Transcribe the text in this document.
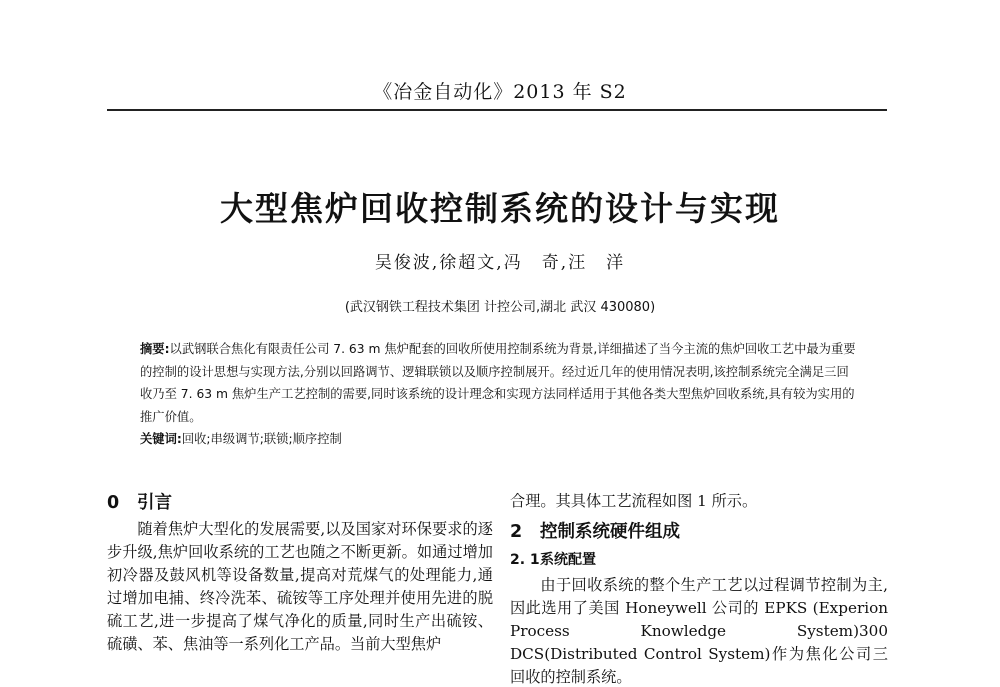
《冶金自动化》2013 年 S2
大型焦炉回收控制系统的设计与实现
吴俊波,徐超文,冯　奇,汪　洋
(武汉钢铁工程技术集团 计控公司,湖北 武汉 430080)

摘要:以武钢联合焦化有限责任公司 7. 63 m 焦炉配套的回收所使用控制系统为背景,详细描述了当今主流的焦炉回收工艺中最为重要的控制的设计思想与实现方法,分别以回路调节、逻辑联锁以及顺序控制展开。经过近几年的使用情况表明,该控制系统完全满足三回收乃至 7. 63 m 焦炉生产工艺控制的需要,同时该系统的设计理念和实现方法同样适用于其他各类大型焦炉回收系统,具有较为实用的推广价值。

关键词:回收;串级调节;联锁;顺序控制

0 引言

随着焦炉大型化的发展需要,以及国家对环保要求的逐步升级,焦炉回收系统的工艺也随之不断更新。如通过增加初冷器及鼓风机等设备数量,提高对荒煤气的处理能力,通过增加电捕、终冷洗苯、硫铵等工序处理并使用先进的脱硫工艺,进一步提高了煤气净化的质量,同时生产出硫铵、硫磺、苯、焦油等一系列化工产品。当前大型焦炉

合理。其具体工艺流程如图 1 所示。

2 控制系统硬件组成
2. 1系统配置

由于回收系统的整个生产工艺以过程调节控制为主,因此选用了美国 Honeywell 公司的 EPKS (Experion Process Knowledge System)300 DCS(Distributed Control System)作为焦化公司三回收的控制系统。
